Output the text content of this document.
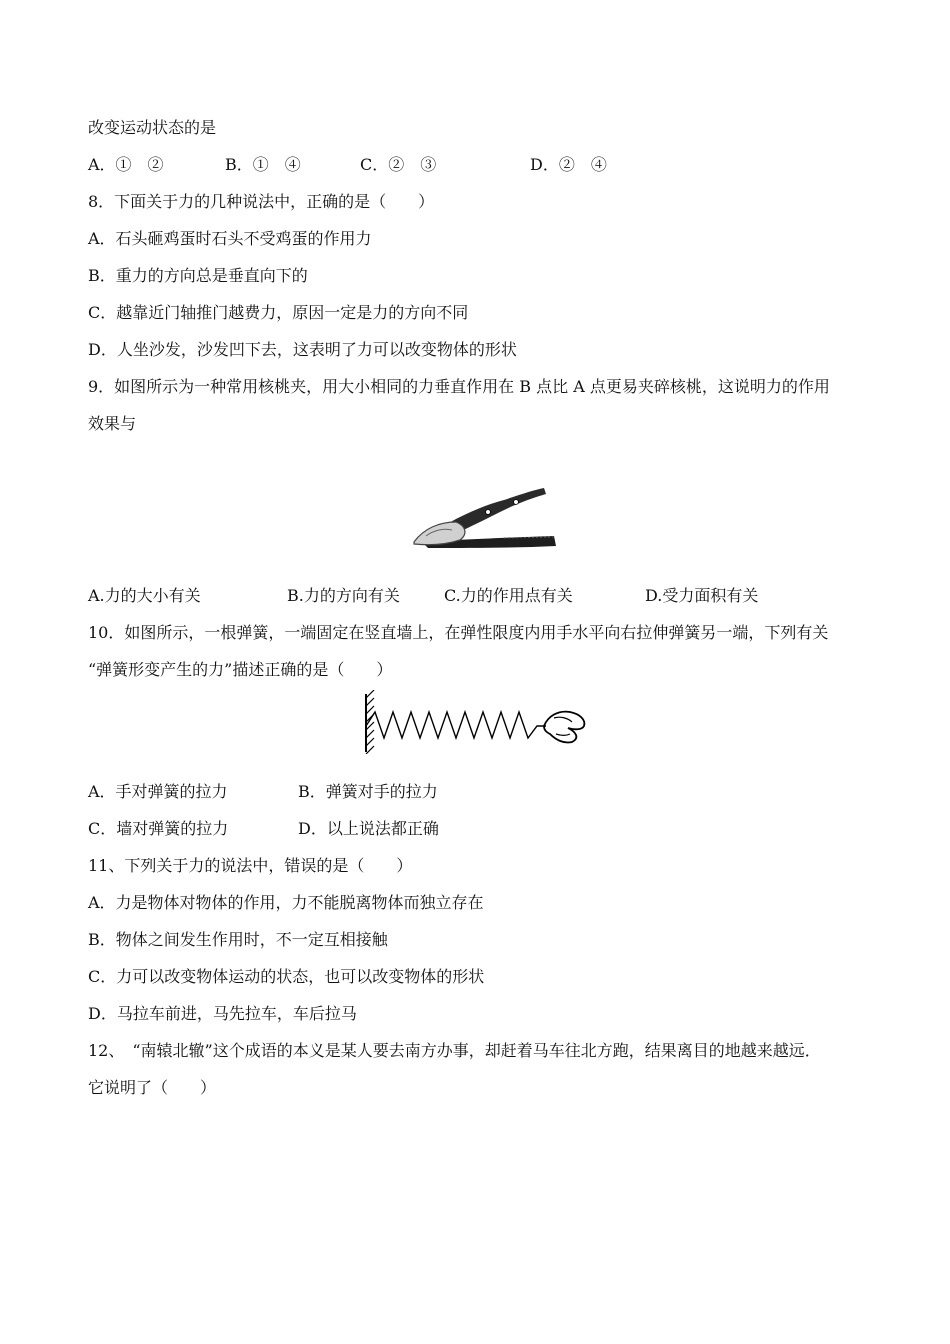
改变运动状态的是
A．①　②	B．①　④	C．②　③	D．②　④
8．下面关于力的几种说法中，正确的是（　　）
A．石头砸鸡蛋时石头不受鸡蛋的作用力
B．重力的方向总是垂直向下的
C．越靠近门轴推门越费力，原因一定是力的方向不同
D．人坐沙发，沙发凹下去，这表明了力可以改变物体的形状
9．如图所示为一种常用核桃夹，用大小相同的力垂直作用在 B 点比 A 点更易夹碎核桃，这说明力的作用
效果与
A.力的大小有关	B.力的方向有关	C.力的作用点有关	D.受力面积有关
10．如图所示，一根弹簧，一端固定在竖直墙上，在弹性限度内用手水平向右拉伸弹簧另一端，下列有关
“弹簧形变产生的力”描述正确的是（　　）
A．手对弹簧的拉力	B．弹簧对手的拉力
C．墙对弹簧的拉力	D．以上说法都正确
11、下列关于力的说法中，错误的是（　　）
A．力是物体对物体的作用，力不能脱离物体而独立存在
B．物体之间发生作用时，不一定互相接触
C．力可以改变物体运动的状态，也可以改变物体的形状
D．马拉车前进，马先拉车，车后拉马
12、　“南辕北辙”这个成语的本义是某人要去南方办事，却赶着马车往北方跑，结果离目的地越来越远．
它说明了（　　）
